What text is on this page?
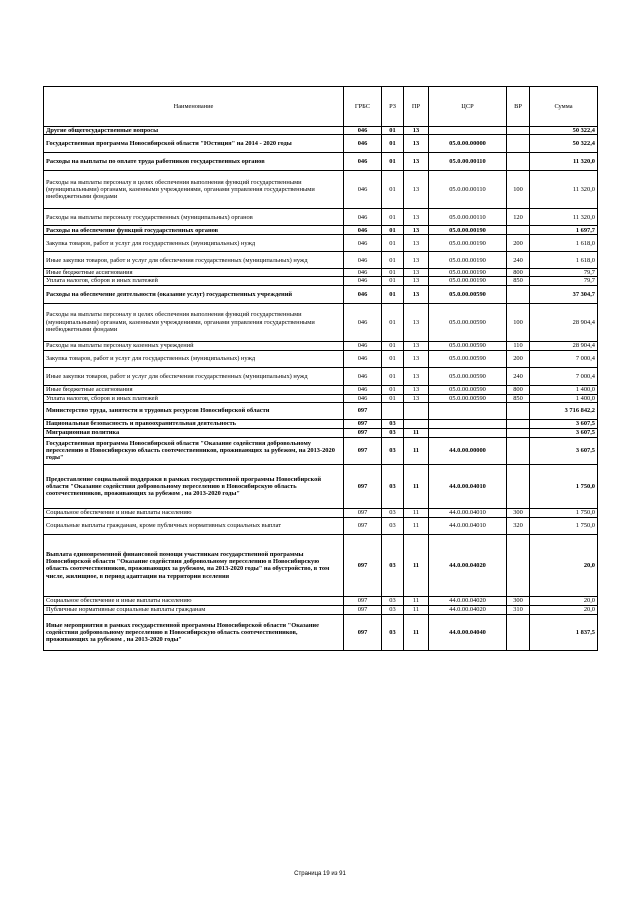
Наименование	ГРБС	РЗ	ПР	ЦСР	ВР	Сумма
Другие общегосударственные вопросы	046	01	13			50 322,4
Государственная программа Новосибирской области "Юстиция" на 2014 - 2020 годы	046	01	13	05.0.00.00000		50 322,4
Расходы на выплаты по оплате труда работников государственных органов	046	01	13	05.0.00.00110		11 320,0
Расходы на выплаты персоналу в целях обеспечения выполнения функций государственными (муниципальными) органами, казенными учреждениями, органами управления государственными внебюджетными фондами	046	01	13	05.0.00.00110	100	11 320,0
Расходы на выплаты персоналу государственных (муниципальных) органов	046	01	13	05.0.00.00110	120	11 320,0
Расходы на обеспечение функций государственных органов	046	01	13	05.0.00.00190		1 697,7
Закупка товаров, работ и услуг для государственных (муниципальных) нужд	046	01	13	05.0.00.00190	200	1 618,0
Иные закупки товаров, работ и услуг для обеспечения государственных (муниципальных) нужд	046	01	13	05.0.00.00190	240	1 618,0
Иные бюджетные ассигнования	046	01	13	05.0.00.00190	800	79,7
Уплата налогов, сборов и иных платежей	046	01	13	05.0.00.00190	850	79,7
Расходы на обеспечение деятельности (оказание услуг) государственных учреждений	046	01	13	05.0.00.00590		37 304,7
Расходы на выплаты персоналу в целях обеспечения выполнения функций государственными (муниципальными) органами, казенными учреждениями, органами управления государственными внебюджетными фондами	046	01	13	05.0.00.00590	100	28 904,4
Расходы на выплаты персоналу казенных учреждений	046	01	13	05.0.00.00590	110	28 904,4
Закупка товаров, работ и услуг для государственных (муниципальных) нужд	046	01	13	05.0.00.00590	200	7 000,4
Иные закупки товаров, работ и услуг для обеспечения государственных (муниципальных) нужд	046	01	13	05.0.00.00590	240	7 000,4
Иные бюджетные ассигнования	046	01	13	05.0.00.00590	800	1 400,0
Уплата налогов, сборов и иных платежей	046	01	13	05.0.00.00590	850	1 400,0
Министерство труда, занятости и трудовых ресурсов Новосибирской области	097					3 716 842,2
Национальная безопасность и правоохранительная деятельность	097	03				3 607,5
Миграционная политика	097	03	11			3 607,5
Государственная программа Новосибирской области "Оказание содействия добровольному переселению в Новосибирскую область соотечественников, проживающих за рубежом, на 2013-2020 годы"	097	03	11	44.0.00.00000		3 607,5
Предоставление социальной поддержки в рамках государственной программы Новосибирской области "Оказание содействия добровольному переселению в Новосибирскую область соотечественников, проживающих за рубежом , на 2013-2020 годы"	097	03	11	44.0.00.04010		1 750,0
Социальное обеспечение и иные выплаты населению	097	03	11	44.0.00.04010	300	1 750,0
Социальные выплаты гражданам, кроме публичных нормативных социальных выплат	097	03	11	44.0.00.04010	320	1 750,0
Выплата единовременной финансовой помощи участникам государственной программы Новосибирской области "Оказание содействия добровольному переселению в Новосибирскую область соотечественников, проживающих за рубежом, на 2013-2020 годы" на обустройство, в том числе, жилищное, в период адаптации на территории вселения	097	03	11	44.0.00.04020		20,0
Социальное обеспечение и иные выплаты населению	097	03	11	44.0.00.04020	300	20,0
Публичные нормативные социальные выплаты гражданам	097	03	11	44.0.00.04020	310	20,0
Иные мероприятия в рамках государственной программы Новосибирской области "Оказание содействия добровольному переселению в Новосибирскую область соотечественников, проживающих за рубежом , на 2013-2020 годы"	097	03	11	44.0.00.04040		1 837,5
Страница 19 из 91
